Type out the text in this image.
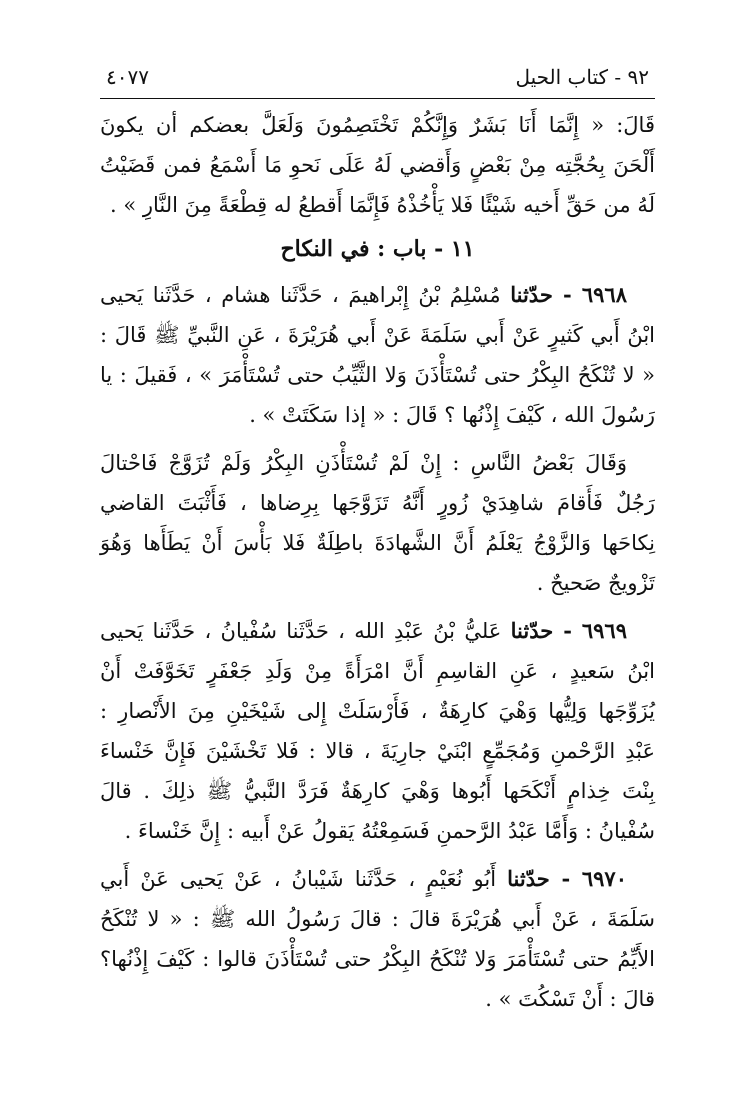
٩٢ - كتاب الحيل
٤٠٧٧

قَالَ: « إِنَّمَا أَنَا بَشَرٌ وَإِنَّكُمْ تَخْتَصِمُونَ وَلَعَلَّ بعضكم أن يكونَ
أَلْحَنَ بِحُجَّتِه مِنْ بَعْضٍ وَأَقضي لَهُ عَلَى نَحوِ مَا أَسْمَعُ فمن قَضَيْتُ
لَهُ من حَقِّ أَخيه شَيْئًا فَلا يَأْخُذْهُ فَإِنَّمَا أَقطعُ له قِطْعَةً مِنَ النَّارِ » .

١١ - باب : في النكاح

٦٩٦٨ - حدّثنا مُسْلِمُ بْنُ إِبْراهيمَ ، حَدَّثَنا هشام ، حَدَّثَنا يَحيى
ابْنُ أَبي كَثيرٍ عَنْ أَبي سَلَمَةَ عَنْ أَبي هُرَيْرَةَ ، عَنِ النَّبيِّ ﷺ قَالَ :
« لا تُنْكَحُ البِكْرُ حتى تُسْتَأْذَنَ وَلا الثَّيِّبُ حتى تُسْتَأْمَرَ » ، فَقيلَ : يا
رَسُولَ الله ، كَيْفَ إِذْنُها ؟ قَالَ : « إذا سَكَتَتْ » .

وَقَالَ بَعْضُ النَّاسِ : إِنْ لَمْ تُسْتَأْذَنِ البِكْرُ وَلَمْ تُزَوَّجْ فَاحْتالَ
رَجُلٌ فَأَقامَ شاهِدَيْ زُورٍ أَنَّهُ تَزَوَّجَها بِرِضاها ، فَأَثْبَتَ القاضي
نِكاحَها وَالزَّوْجُ يَعْلَمُ أَنَّ الشَّهادَةَ باطِلَةٌ فَلا بَأْسَ أَنْ يَطَأَها وَهُوَ
تَزْويجٌ صَحيحٌ .

٦٩٦٩ - حدّثنا عَليُّ بْنُ عَبْدِ الله ، حَدَّثَنا سُفْيانُ ، حَدَّثَنا يَحيى
ابْنُ سَعيدٍ ، عَنِ القاسِمِ أَنَّ امْرَأَةً مِنْ وَلَدِ جَعْفَرٍ تَخَوَّفَتْ أَنْ
يُزَوِّجَها وَلِيُّها وَهْيَ كارِهَةٌ ، فَأَرْسَلَتْ إِلى شَيْخَيْنِ مِنَ الأَنْصارِ :
عَبْدِ الرَّحْمنِ وَمُجَمِّعٍ ابْنَيْ جارِيَةَ ، قالا : فَلا تَخْشَيْنَ فَإِنَّ خَنْساءَ
بِنْتَ خِذامٍ أَنْكَحَها أَبُوها وَهْيَ كارِهَةٌ فَرَدَّ النَّبيُّ ﷺ ذلِكَ . قالَ
سُفْيانُ : وَأَمَّا عَبْدُ الرَّحمنِ فَسَمِعْتُهُ يَقولُ عَنْ أَبيه : إِنَّ خَنْساءَ .

٦٩٧٠ - حدّثنا أَبُو نُعَيْمٍ ، حَدَّثَنا شَيْبانُ ، عَنْ يَحيى عَنْ أَبي
سَلَمَةَ ، عَنْ أَبي هُرَيْرَةَ قالَ : قالَ رَسُولُ الله ﷺ : « لا تُنْكَحُ
الأَيِّمُ حتى تُسْتَأْمَرَ وَلا تُنْكَحُ البِكْرُ حتى تُسْتَأْذَنَ قالوا : كَيْفَ إِذْنُها؟
قالَ : أَنْ تَسْكُتَ » .
